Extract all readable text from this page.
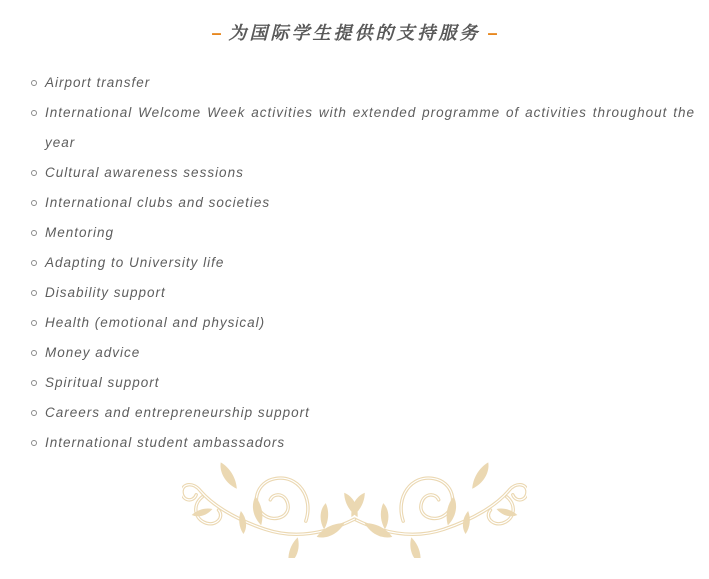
– 为国际学生提供的支持服务 –
Airport transfer
International Welcome Week activities with extended programme of activities throughout the year
Cultural awareness sessions
International clubs and societies
Mentoring
Adapting to University life
Disability support
Health (emotional and physical)
Money advice
Spiritual support
Careers and entrepreneurship support
International student ambassadors
